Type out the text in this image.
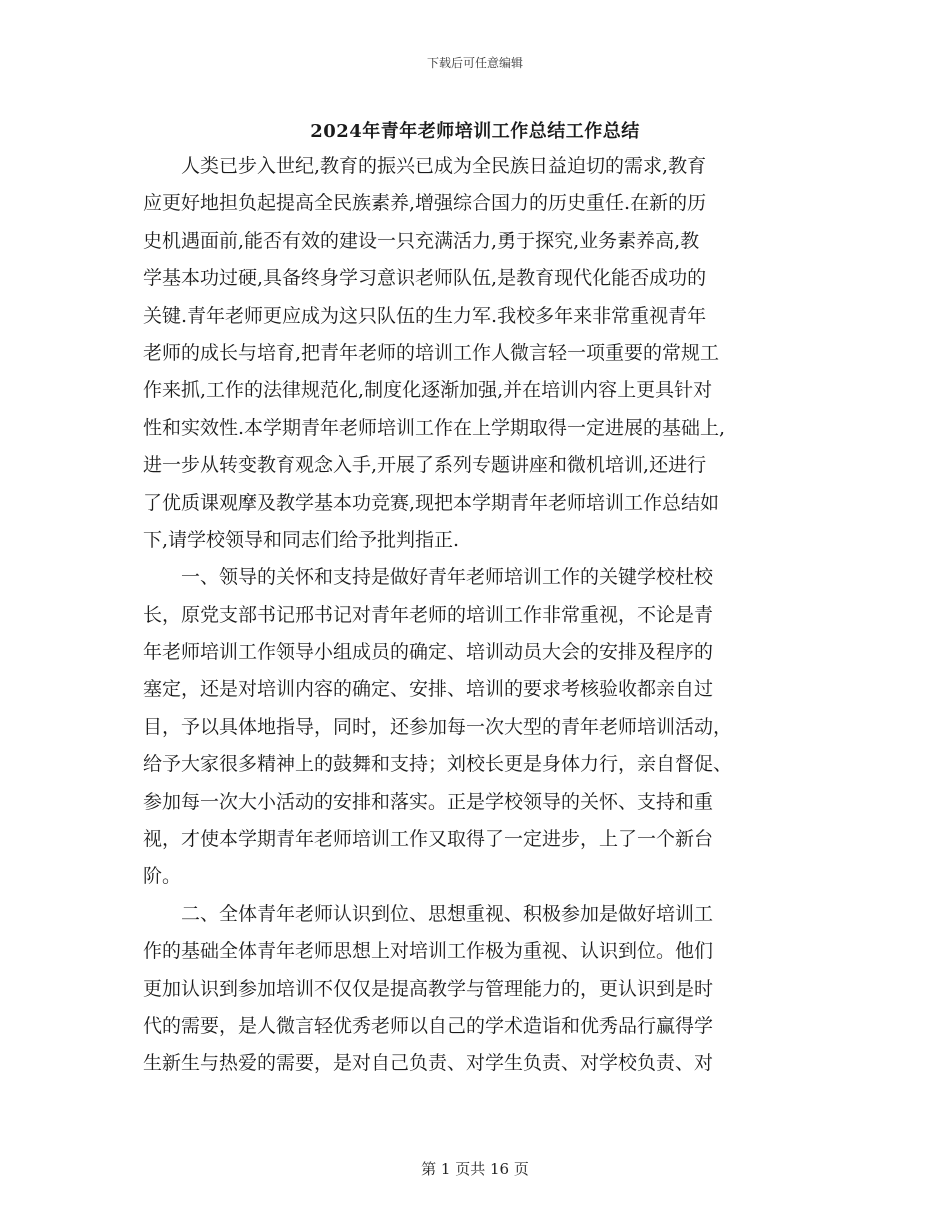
下载后可任意编辑
2024年青年老师培训工作总结工作总结
　　人类已步入世纪,教育的振兴已成为全民族日益迫切的需求,教育
应更好地担负起提高全民族素养,增强综合国力的历史重任.在新的历
史机遇面前,能否有效的建设一只充满活力,勇于探究,业务素养高,教
学基本功过硬,具备终身学习意识老师队伍,是教育现代化能否成功的
关键.青年老师更应成为这只队伍的生力军.我校多年来非常重视青年
老师的成长与培育,把青年老师的培训工作人微言轻一项重要的常规工
作来抓,工作的法律规范化,制度化逐渐加强,并在培训内容上更具针对
性和实效性.本学期青年老师培训工作在上学期取得一定进展的基础上,
进一步从转变教育观念入手,开展了系列专题讲座和微机培训,还进行
了优质课观摩及教学基本功竞赛,现把本学期青年老师培训工作总结如
下,请学校领导和同志们给予批判指正.
　　一、领导的关怀和支持是做好青年老师培训工作的关键学校杜校
长，原党支部书记邢书记对青年老师的培训工作非常重视，不论是青
年老师培训工作领导小组成员的确定、培训动员大会的安排及程序的
塞定，还是对培训内容的确定、安排、培训的要求考核验收都亲自过
目，予以具体地指导，同时，还参加每一次大型的青年老师培训活动，
给予大家很多精神上的鼓舞和支持；刘校长更是身体力行，亲自督促、
参加每一次大小活动的安排和落实。正是学校领导的关怀、支持和重
视，才使本学期青年老师培训工作又取得了一定进步，上了一个新台
阶。
　　二、全体青年老师认识到位、思想重视、积极参加是做好培训工
作的基础全体青年老师思想上对培训工作极为重视、认识到位。他们
更加认识到参加培训不仅仅是提高教学与管理能力的，更认识到是时
代的需要，是人微言轻优秀老师以自己的学术造诣和优秀品行赢得学
生新生与热爱的需要，是对自己负责、对学生负责、对学校负责、对
第 1 页共 16 页
